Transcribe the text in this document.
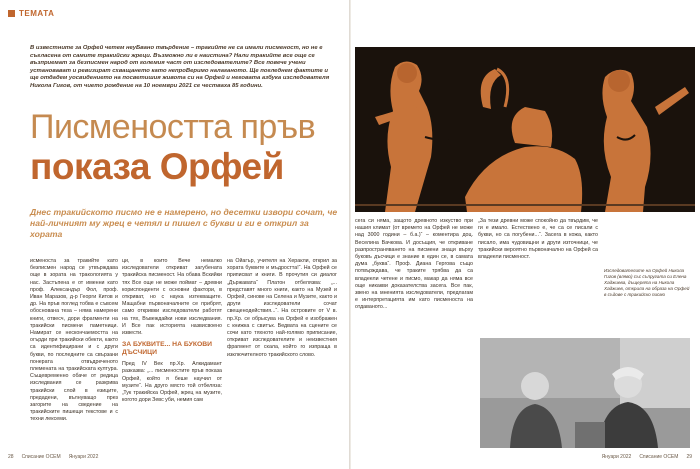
ТЕМАТА

В известните за Орфей четем неуБвано твърдение – тракийте не са имали писменост, но не е съгласена от самите тракийски жреци. Възможно ли е наистина? Нали тракийте все още се възприемат за безписмен народ от големия част от изследователите? Все повече учени установават и ревизират схващането като непроВеримо налаганото. Ще погледнем фактите и ще отдадем уосвидението на посветишия живота си на Орфей и неговата азбука изследователя Никола Гигов, от чието рождение на 10 ноември 2021 се честваха 85 години.

Писмеността пръв
показа Орфей

Днес тракийското писмо не е намерено, но десетки извори сочат, че най-личният му жрец е четял и пишел с букви и ги е открил за хората

исменоста за тракийте като безписмен народ се утвърждава още в зората на тракологията у нас. Застъпена е от именни като проф. Александър Фол, проф. Иван Маразов, д-р Георги Китов и др. На пръв поглед тобва е съвсем обоснована теза – няма намерени книги, отвесч, дори фрагменти на тракийски писмени паметници. Намират се нескончаемостта на огърди при тракийски обекти, както са идентифицирани и с други букви, по последните са свързани понерата отвъдреченото племената на тракийската култура. Същевременно обаче от редица изследвания се разкрива тракийски слой в езиците, предадени, вълнуващо през загорите на сведение на тракийските пишещи текстове и с техни лексеми.
ци, в които Вече немалко изследователи откриват загубената тракийска писменост. На обава Вскийки тях Все още не може поймат – древни кориспонденти с основни фактори, в откриват, но с наука изтекващите. Мащабни първоначалните се прибрят, само откривки изследователи работят на тях, Въвеждайки нови изследвания. И Все пак историята назвисвоено извести.
ЗА БУКВИТЕ... НА БУКОВИ ДЪСЧИЦИ
Пред IV Век пр.Хр. Алкидамант разказва: „... писменостите пръв показа Орфей, който я беше научил от музите“. На друго място той отбеляза: „Тук тракийска Орфей, жрец на музите, когото дори Зевс уби, немия сам
на Ойагър, учителя на Херакли, открил за хората буквите и мъдростта!“. На Орфей се приписват и книги. В прочутия си диалог „Държавата“ Платон отбелязва: „... представят много книги, както на Музей и Орфей, синове на Селена и Музите, както и други изследователи сочат свещенодействия...“. На островите от V в. пр.Хр. се обрысува на Орфей е изображен с книжка с свитък. Ведвата на сцените се сочи като тяхното най-голямо приписание, откриват изследователите и неизвестния фрагмент от скала, който го изпраща в изключителното тракийското слово.
28 Списание ОСЕМ Януари 2022
сега си няма, защото древното изкуство при нашия климат (от времето на Орфей не може над 3000 години – б.а.)“ – коментира доц. Веселина Вачкова. И досъщия, че откриване разпространяването на писмени знаци върху буковъ дъсчици е знание в един се, в самата дума „буква“. Проф. Диана Гергова също потвърждава, че траките трябва да са владеели четене и писмо, макар да няма все още никакви доказателства засега. Все пак, звено на мненията изследователи, предлагам е интерпретацията им като писменоста на отдаваното...
„За тези древни може спокойно да твърдим, че ги е имало. Естествено е, че са се писали с букви, но са погубени...“. Засега в кожа, както писало, има чудовищни и други източници, че тракийски вероятно първоначално на Орфей са владеели писменост.

Изследователите на Орфей Никола Гигов (вляво) със съпругата си Елена Хаджиева, дъщерята на Никола Хаджиев, открила на образа на Орфей в съдове с тракийско писмо

Януари 2022 Списание ОСЕМ 29
